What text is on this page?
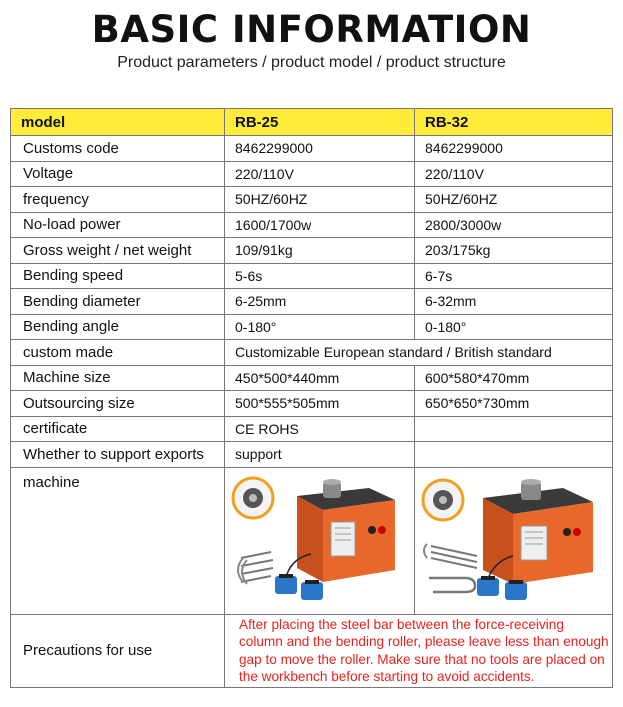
BASIC INFORMATION
Product parameters / product model / product structure
model	RB-25	RB-32
Customs code	8462299000	8462299000
Voltage	220/110V	220/110V
frequency	50HZ/60HZ	50HZ/60HZ
No-load power	1600/1700w	2800/3000w
Gross weight / net weight	109/91kg	203/175kg
Bending speed	5-6s	6-7s
Bending diameter	6-25mm	6-32mm
Bending angle	0-180°	0-180°
custom made	Customizable European standard / British standard	
Machine size	450*500*440mm	600*580*470mm
Outsourcing size	500*555*505mm	650*650*730mm
certificate	CE ROHS	
Whether to support exports	support	
machine	

Precautions for use	After placing the steel bar between the force-receiving column and the bending roller, please leave less than enough gap to move the roller. Make sure that no tools are placed on the workbench before starting to avoid accidents.	
